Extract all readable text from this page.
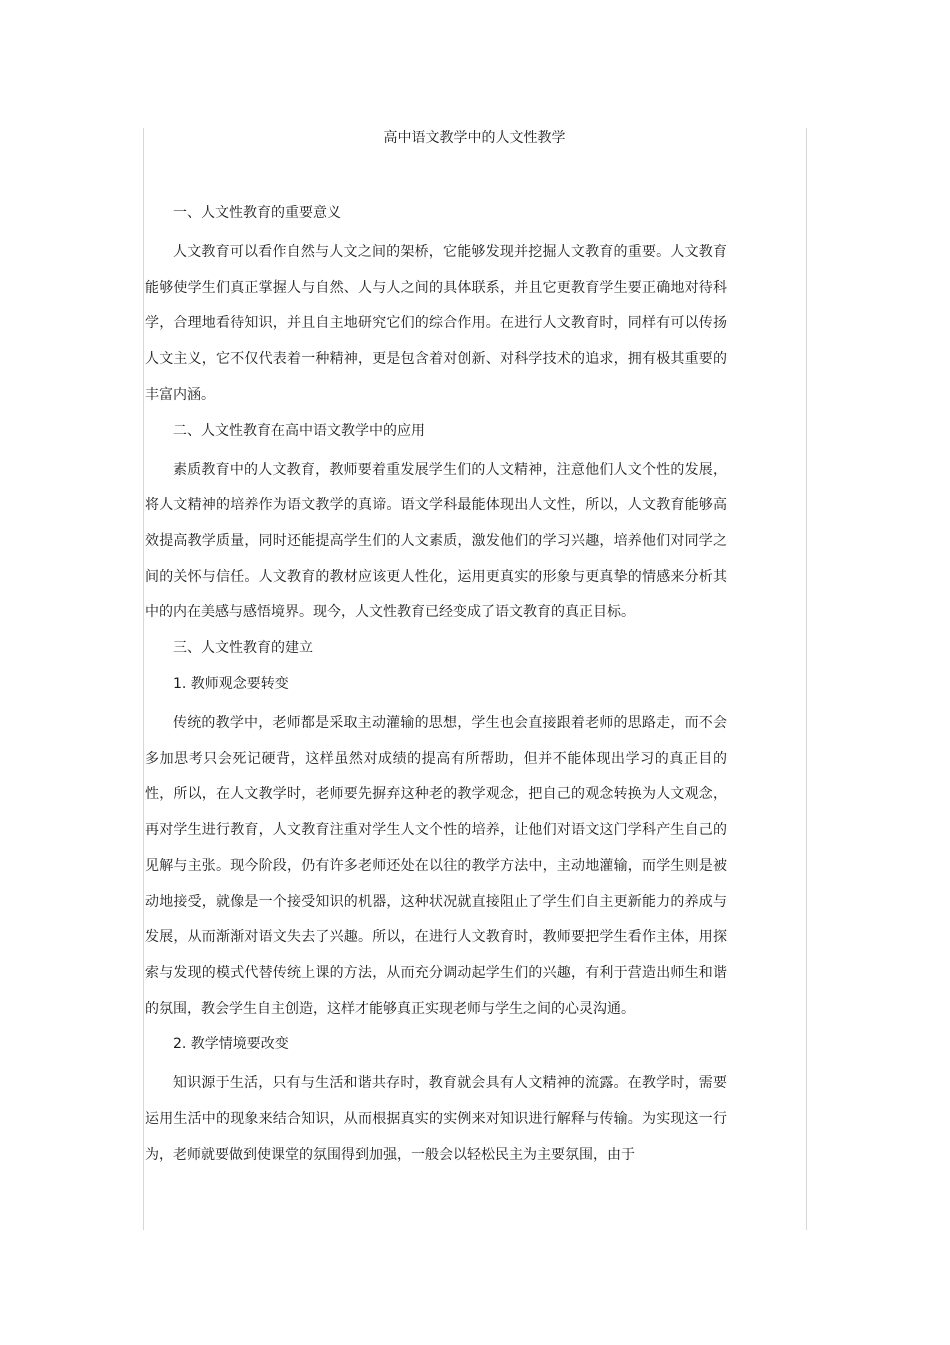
高中语文教学中的人文性教学
一、人文性教育的重要意义

人文教育可以看作自然与人文之间的架桥，它能够发现并挖掘人文教育的重要。人文教育能够使学生们真正掌握人与自然、人与人之间的具体联系，并且它更教育学生要正确地对待科学，合理地看待知识，并且自主地研究它们的综合作用。在进行人文教育时，同样有可以传扬人文主义，它不仅代表着一种精神，更是包含着对创新、对科学技术的追求，拥有极其重要的丰富内涵。

二、人文性教育在高中语文教学中的应用

素质教育中的人文教育，教师要着重发展学生们的人文精神，注意他们人文个性的发展，将人文精神的培养作为语文教学的真谛。语文学科最能体现出人文性，所以，人文教育能够高效提高教学质量，同时还能提高学生们的人文素质，激发他们的学习兴趣，培养他们对同学之间的关怀与信任。人文教育的教材应该更人性化，运用更真实的形象与更真挚的情感来分析其中的内在美感与感悟境界。现今，人文性教育已经变成了语文教育的真正目标。

三、人文性教育的建立
1. 教师观念要转变

传统的教学中，老师都是采取主动灌输的思想，学生也会直接跟着老师的思路走，而不会多加思考只会死记硬背，这样虽然对成绩的提高有所帮助，但并不能体现出学习的真正目的性，所以，在人文教学时，老师要先摒弃这种老的教学观念，把自己的观念转换为人文观念，再对学生进行教育，人文教育注重对学生人文个性的培养，让他们对语文这门学科产生自己的见解与主张。现今阶段，仍有许多老师还处在以往的教学方法中，主动地灌输，而学生则是被动地接受，就像是一个接受知识的机器，这种状况就直接阻止了学生们自主更新能力的养成与发展，从而渐渐对语文失去了兴趣。所以，在进行人文教育时，教师要把学生看作主体，用探索与发现的模式代替传统上课的方法，从而充分调动起学生们的兴趣，有利于营造出师生和谐的氛围，教会学生自主创造，这样才能够真正实现老师与学生之间的心灵沟通。

2. 教学情境要改变

知识源于生活，只有与生活和谐共存时，教育就会具有人文精神的流露。在教学时，需要运用生活中的现象来结合知识，从而根据真实的实例来对知识进行解释与传输。为实现这一行为，老师就要做到使课堂的氛围得到加强，一般会以轻松民主为主要氛围，由于
